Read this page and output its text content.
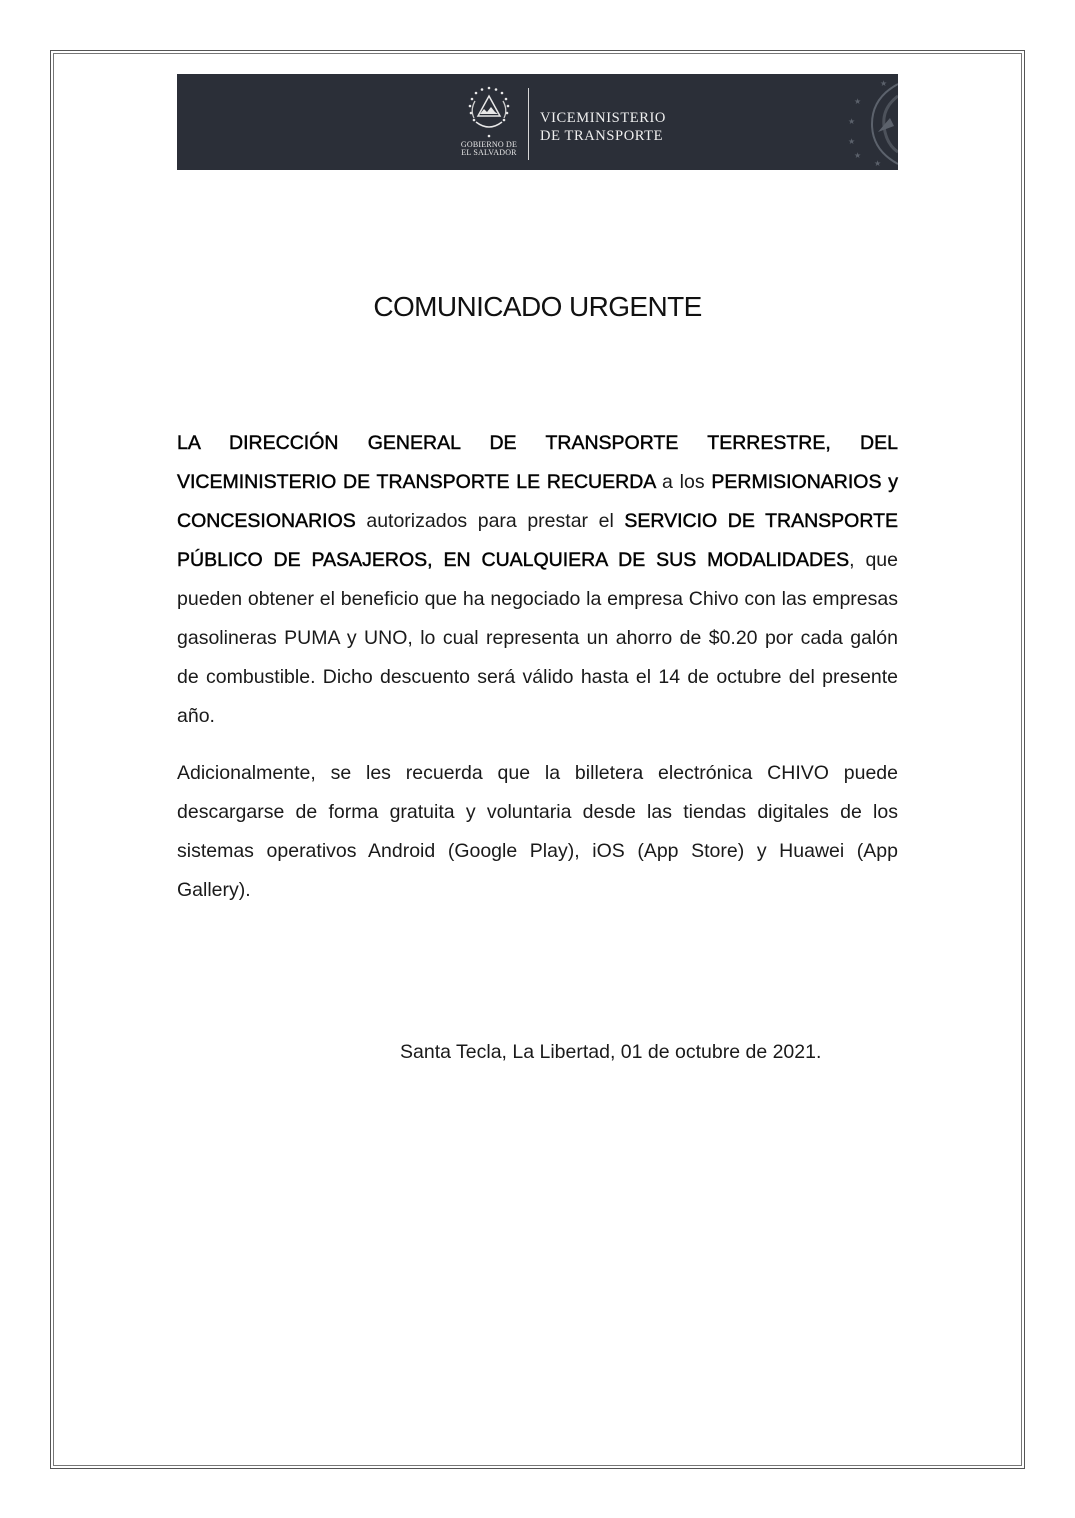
GOBIERNO DE
EL SALVADOR
VICEMINISTERIO
DE TRANSPORTE
★
★
★
★
★
★
COMUNICADO URGENTE

LA DIRECCIÓN GENERAL DE TRANSPORTE TERRESTRE, DEL VICEMINISTERIO DE TRANSPORTE LE RECUERDA a los PERMISIONARIOS y CONCESIONARIOS autorizados para prestar el SERVICIO DE TRANSPORTE PÚBLICO DE PASAJEROS, EN CUALQUIERA DE SUS MODALIDADES, que pueden obtener el beneficio que ha negociado la empresa Chivo con las empresas gasolineras PUMA y UNO, lo cual representa un ahorro de $0.20 por cada galón de combustible. Dicho descuento será válido hasta el 14 de octubre del presente año.

Adicionalmente, se les recuerda que la billetera electrónica CHIVO puede descargarse de forma gratuita y voluntaria desde las tiendas digitales de los sistemas operativos Android (Google Play), iOS (App Store) y Huawei (App Gallery).

Santa Tecla, La Libertad, 01 de octubre de 2021.
